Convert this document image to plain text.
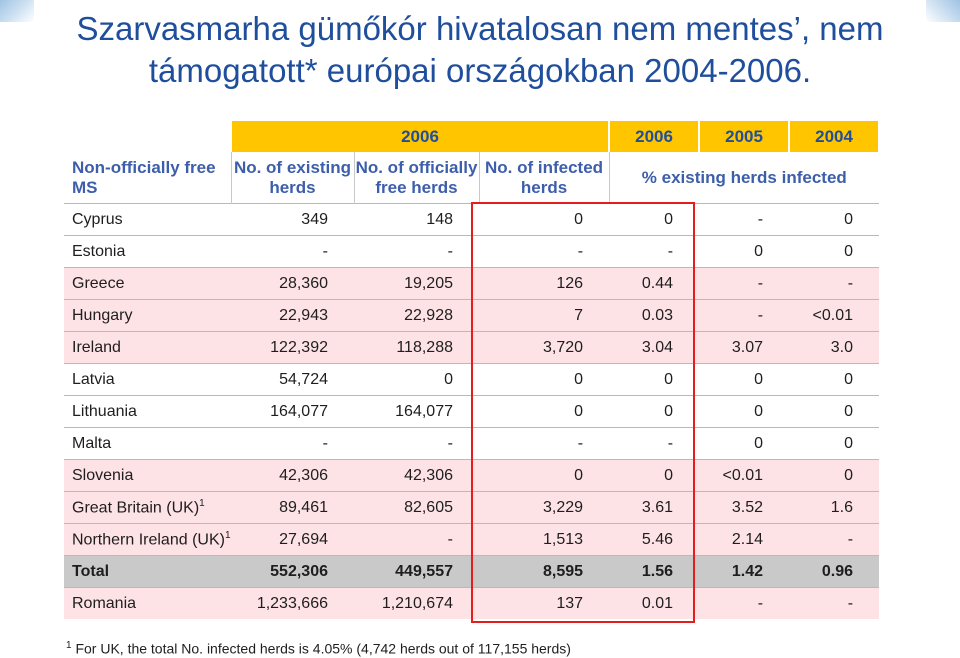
Szarvasmarha gümőkór hivatalosan nem mentes’, nem támogatott* európai országokban 2004-2006.
	2006			2006	2005	2004
Non-officially free MS	No. of existing herds	No. of officially free herds	No. of infected herds	% existing herds infected		
Cyprus	349	148	0	0	-	0
Estonia	-	-	-	-	0	0
Greece	28,360	19,205	126	0.44	-	-
Hungary	22,943	22,928	7	0.03	-	<0.01
Ireland	122,392	118,288	3,720	3.04	3.07	3.0
Latvia	54,724	0	0	0	0	0
Lithuania	164,077	164,077	0	0	0	0
Malta	-	-	-	-	0	0
Slovenia	42,306	42,306	0	0	<0.01	0
Great Britain (UK)$^1$	89,461	82,605	3,229	3.61	3.52	1.6
Northern Ireland (UK)$^1$	27,694	-	1,513	5.46	2.14	-
Total	552,306	449,557	8,595	1.56	1.42	0.96
Romania	1,233,666	1,210,674	137	0.01	-	-
$^1$ For UK, the total No. infected herds is 4.05% (4,742 herds out of 117,155 herds)
